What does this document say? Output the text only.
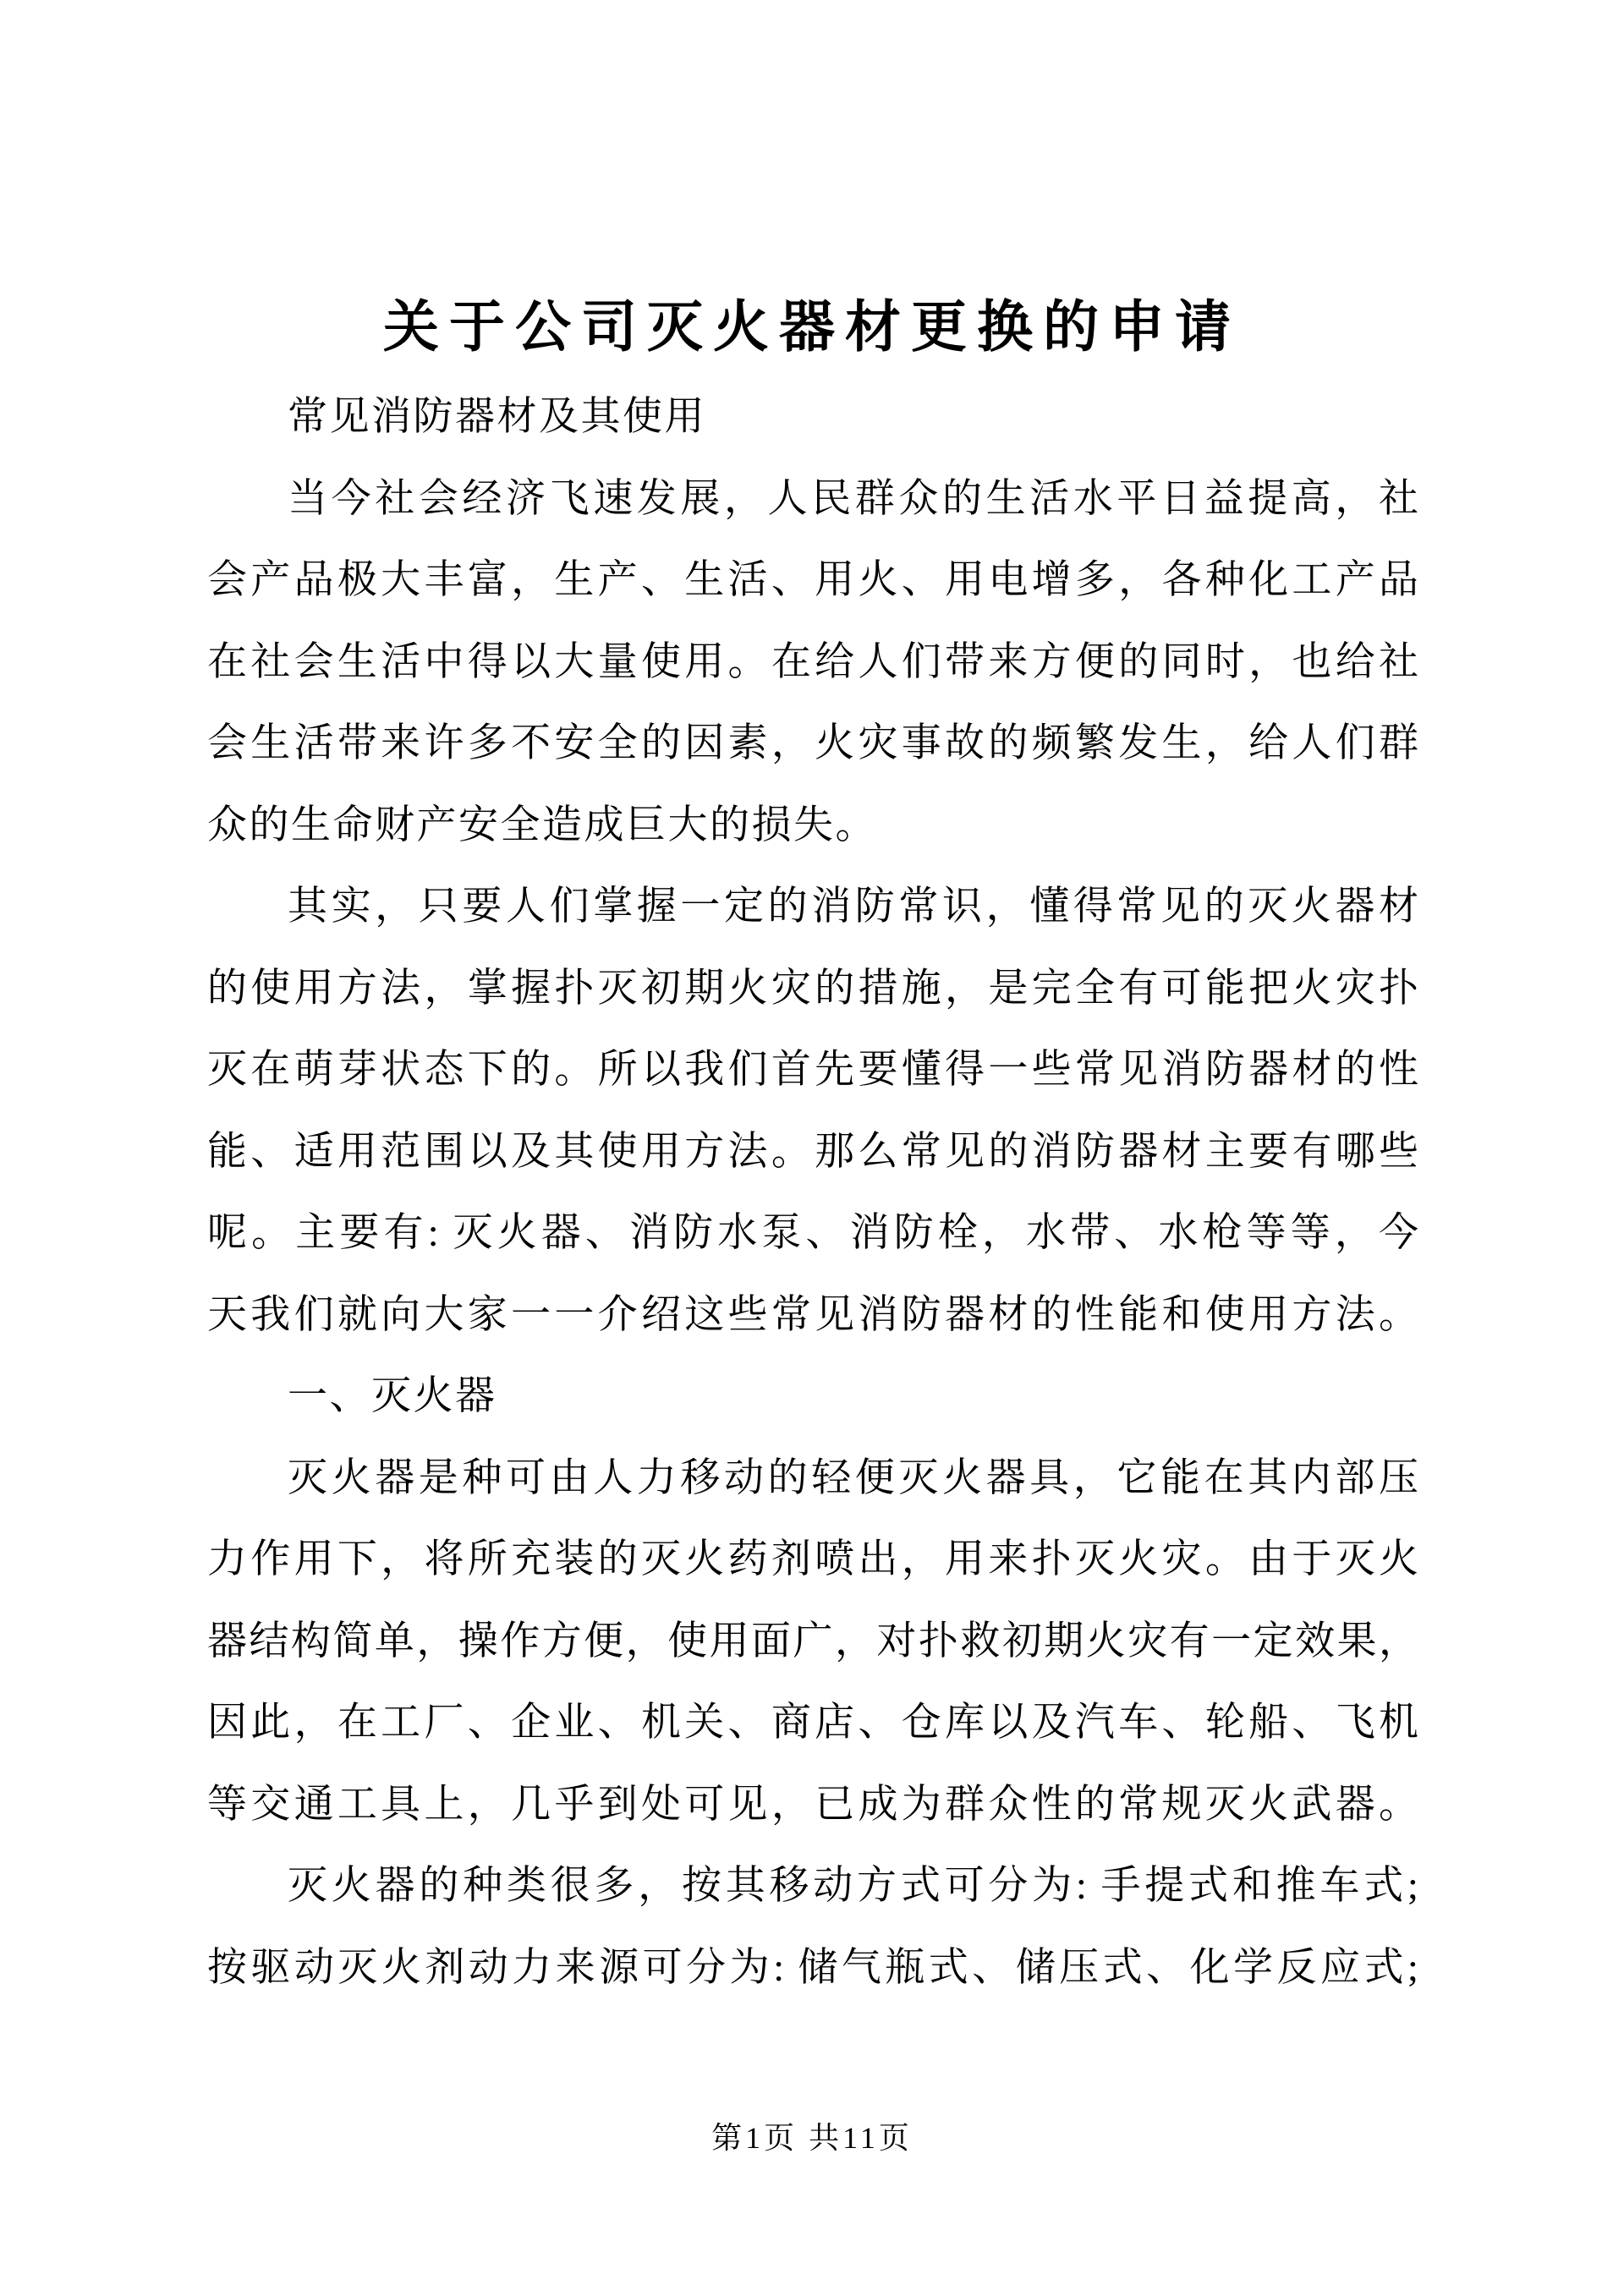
关于公司灭火器材更换的申请
常见消防器材及其使用
当今社会经济飞速发展，人民群众的生活水平日益提高，社
会产品极大丰富，生产、生活、用火、用电增多，各种化工产品
在社会生活中得以大量使用。在给人们带来方便的同时，也给社
会生活带来许多不安全的因素，火灾事故的频繁发生，给人们群
众的生命财产安全造成巨大的损失。
其实，只要人们掌握一定的消防常识，懂得常见的灭火器材
的使用方法，掌握扑灭初期火灾的措施，是完全有可能把火灾扑
灭在萌芽状态下的。所以我们首先要懂得一些常见消防器材的性
能、适用范围以及其使用方法。那么常见的消防器材主要有哪些
呢。主要有: 灭火器、消防水泵、消防栓，水带、水枪等等，今
天我们就向大家一一介绍这些常见消防器材的性能和使用方法。
一、灭火器
灭火器是种可由人力移动的轻便灭火器具，它能在其内部压
力作用下，将所充装的灭火药剂喷出，用来扑灭火灾。由于灭火
器结构简单，操作方便，使用面广，对扑救初期火灾有一定效果，
因此，在工厂、企业、机关、商店、仓库以及汽车、轮船、飞机
等交通工具上，几乎到处可见，已成为群众性的常规灭火武器。
灭火器的种类很多，按其移动方式可分为: 手提式和推车式;
按驱动灭火剂动力来源可分为: 储气瓶式、储压式、化学反应式;
第1页 共11页
